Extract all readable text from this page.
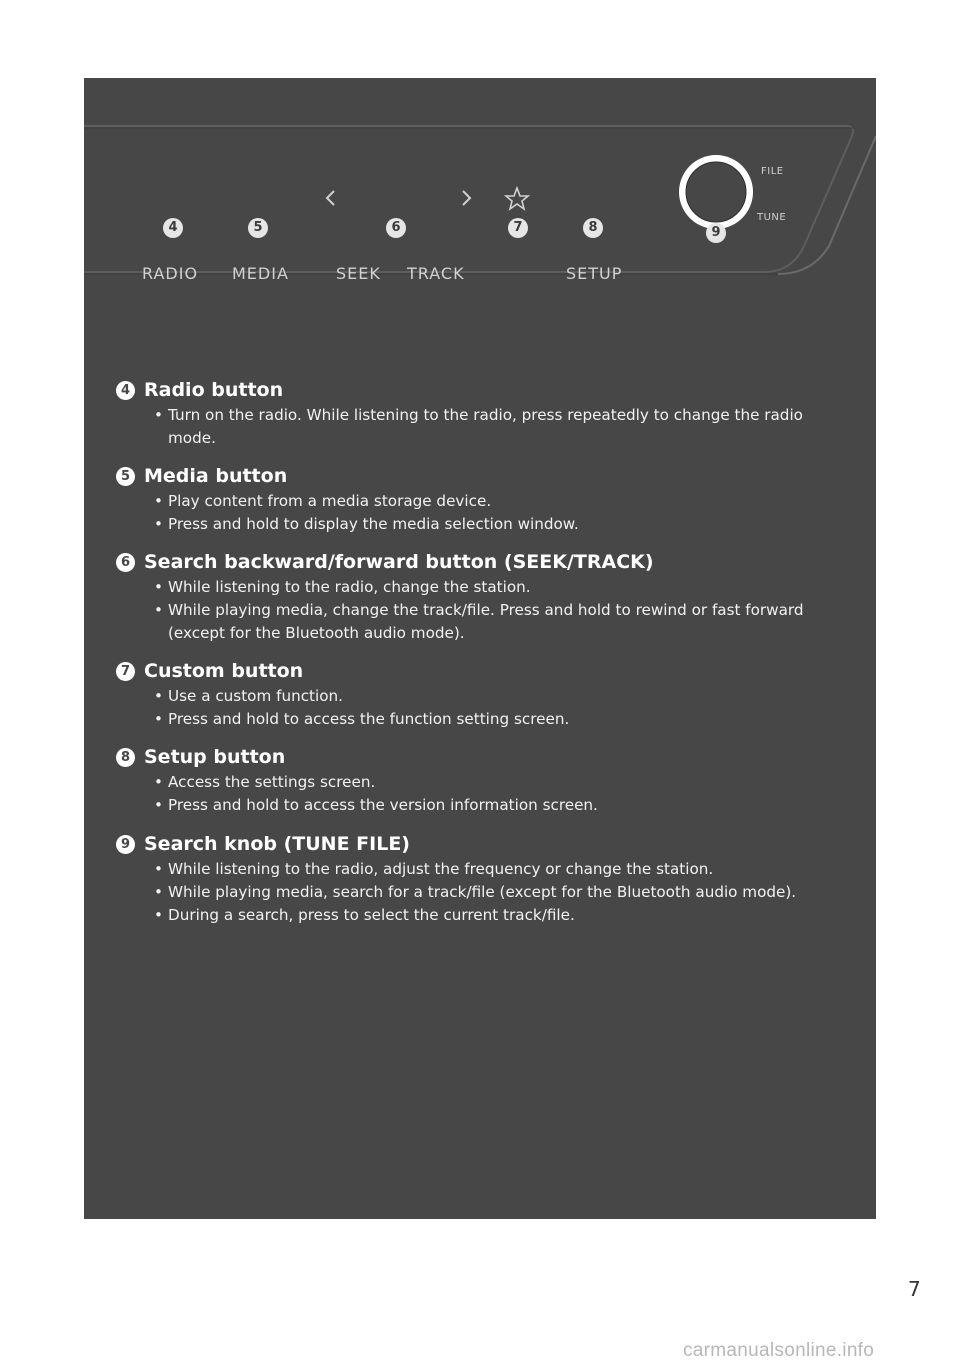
RADIO MEDIA	SEEK TRACK	SETUP
FILE
TUNE
4	5	6	7	8	9
4 Radio button
• Turn on the radio. While listening to the radio, press repeatedly to change the radio mode.
5 Media button
• Play content from a media storage device.
• Press and hold to display the media selection window.
6 Search backward/forward button (SEEK/TRACK)
• While listening to the radio, change the station.
• While playing media, change the track/file. Press and hold to rewind or fast forward (except for the Bluetooth audio mode).
7 Custom button
• Use a custom function.
• Press and hold to access the function setting screen.
8 Setup button
• Access the settings screen.
• Press and hold to access the version information screen.
9 Search knob (TUNE FILE)
• While listening to the radio, adjust the frequency or change the station.
• While playing media, search for a track/file (except for the Bluetooth audio mode).
• During a search, press to select the current track/file.
7
carmanualsonline.info
